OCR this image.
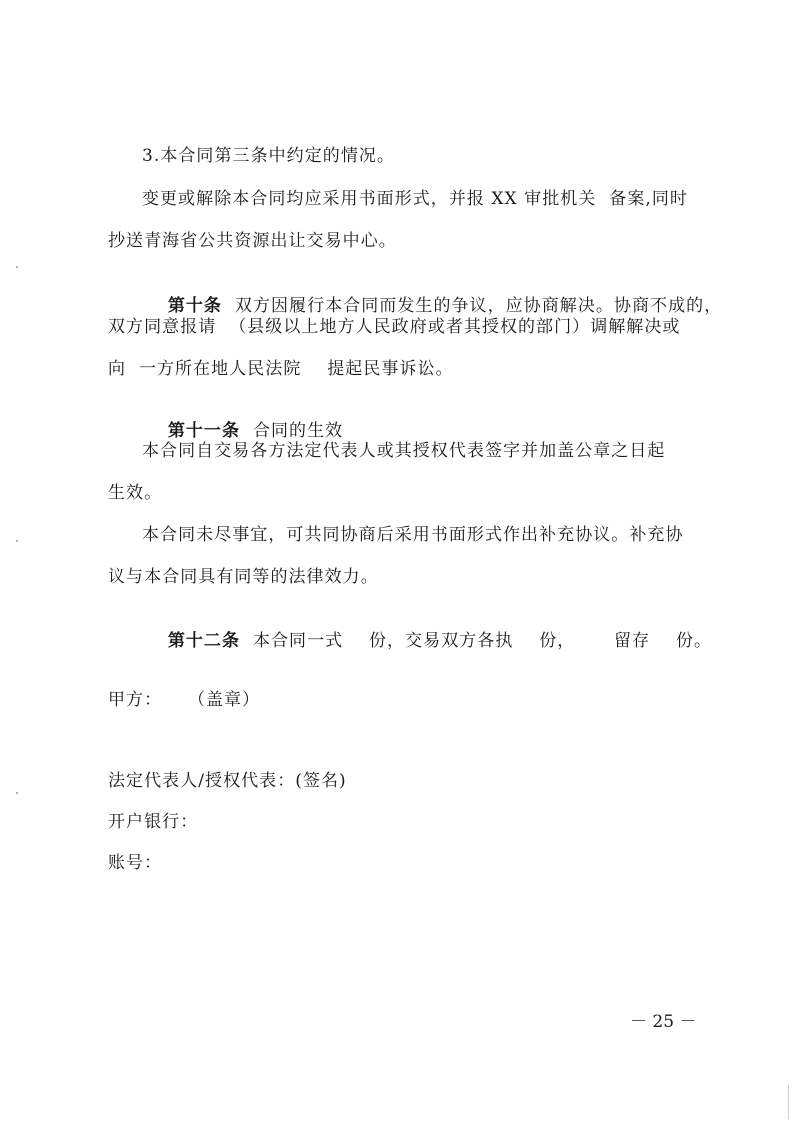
3.本合同第三条中约定的情况。
变更或解除本合同均应采用书面形式，并报 XX 审批机关  备案,同时
抄送青海省公共资源出让交易中心。

第十条  双方因履行本合同而发生的争议，应协商解决。协商不成的，

双方同意报请  （县级以上地方人民政府或者其授权的部门）调解解决或
向  一方所在地人民法院    提起民事诉讼。

第十一条  合同的生效

本合同自交易各方法定代表人或其授权代表签字并加盖公章之日起
生效。
本合同未尽事宜，可共同协商后采用书面形式作出补充协议。补充协
议与本合同具有同等的法律效力。

第十二条  本合同一式    份，交易双方各执    份，      留存    份。

甲方：    （盖章）
法定代表人/授权代表：(签名)
开户银行：
账号：
－ 25 －
